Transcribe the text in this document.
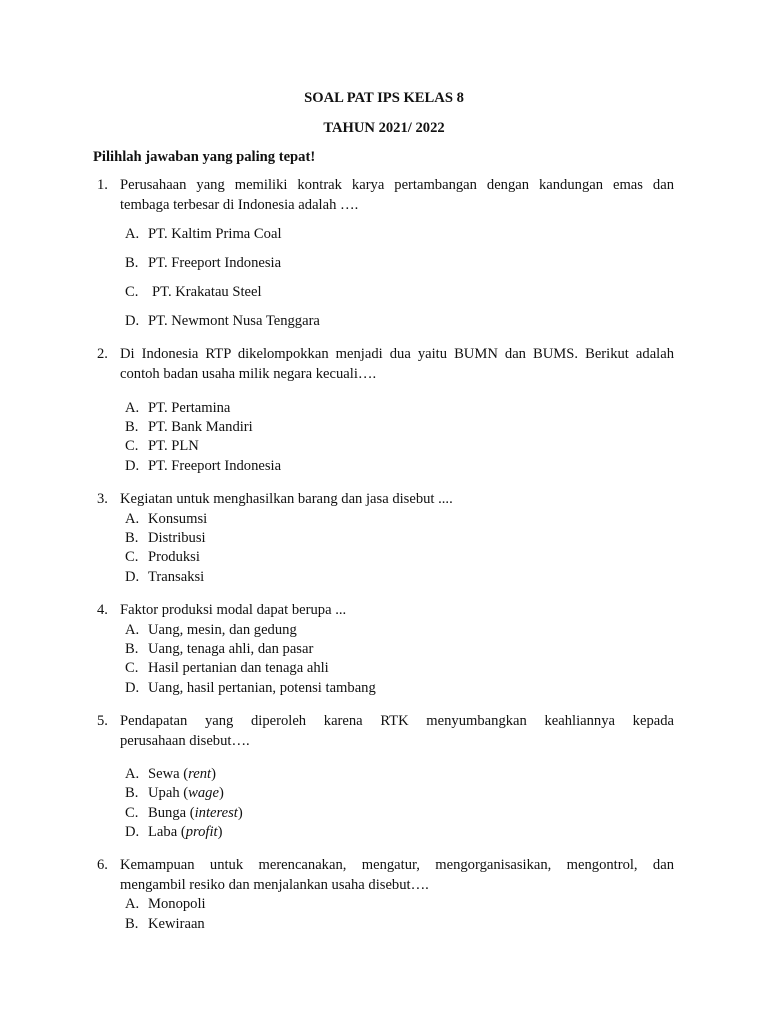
SOAL PAT IPS KELAS 8
TAHUN 2021/ 2022
Pilihlah jawaban yang paling tepat!
1. Perusahaan yang memiliki kontrak karya pertambangan dengan kandungan emas dan
tembaga terbesar di Indonesia adalah ….
A. PT. Kaltim Prima Coal
B. PT. Freeport Indonesia
C. PT. Krakatau Steel
D. PT. Newmont Nusa Tenggara
2. Di Indonesia RTP dikelompokkan menjadi dua yaitu BUMN dan BUMS. Berikut adalah
contoh badan usaha milik negara kecuali….
A. PT. Pertamina
B. PT. Bank Mandiri
C. PT. PLN
D. PT. Freeport Indonesia
3. Kegiatan untuk menghasilkan barang dan jasa disebut ....
A. Konsumsi
B. Distribusi
C. Produksi
D. Transaksi
4. Faktor produksi modal dapat berupa ...
A. Uang, mesin, dan gedung
B. Uang, tenaga ahli, dan pasar
C. Hasil pertanian dan tenaga ahli
D. Uang, hasil pertanian, potensi tambang
5. Pendapatan yang diperoleh karena RTK menyumbangkan keahliannya kepada
perusahaan disebut….
A. Sewa (rent)
B. Upah (wage)
C. Bunga (interest)
D. Laba (profit)
6. Kemampuan untuk merencanakan, mengatur, mengorganisasikan, mengontrol, dan
mengambil resiko dan menjalankan usaha disebut….
A. Monopoli
B. Kewiraan
